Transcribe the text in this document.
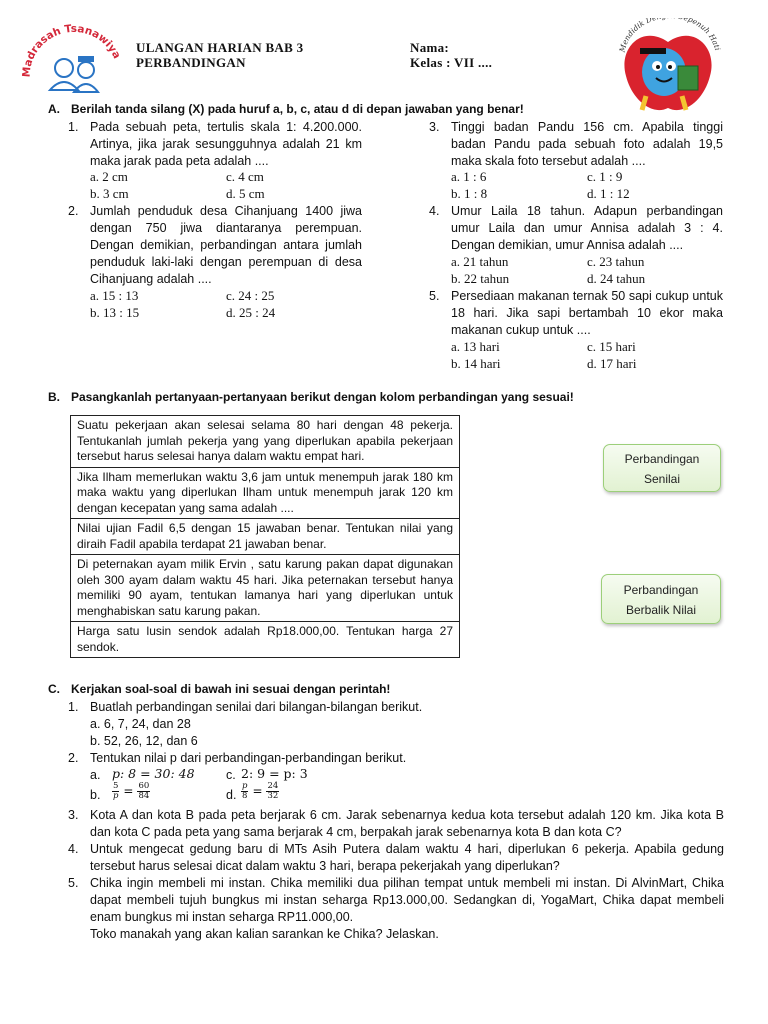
Madrasah Tsanawiya ULANGAN HARIAN BAB 3
PERBANDINGAN
Nama:
Kelas : VII ....
Mendidik D penuh Hati
A. Berilah tanda silang (X) pada huruf a, b, c, atau d di depan jawaban yang benar!
1. Pada sebuah peta, tertulis skala 1: 4.200.000. Artinya, jika jarak sesungguhnya adalah 21 km maka jarak pada peta adalah ....
a. 2 cm	c. 4 cm
b. 3 cm	d. 5 cm
2. Jumlah penduduk desa Cihanjuang 1400 jiwa dengan 750 jiwa diantaranya perempuan. Dengan demikian, perbandingan antara jumlah penduduk laki-laki dengan perempuan di desa Cihanjuang adalah ....
a. 15 : 13	c. 24 : 25
b. 13 : 15	d. 25 : 24
3. Tinggi badan Pandu 156 cm. Apabila tinggi badan Pandu pada sebuah foto adalah 19,5 maka skala foto tersebut adalah ....
a. 1 : 6	c. 1 : 9
b. 1 : 8	d. 1 : 12
4. Umur Laila 18 tahun. Adapun perbandingan umur Laila dan umur Annisa adalah 3 : 4. Dengan demikian, umur Annisa adalah ....
a. 21 tahun	c. 23 tahun
b. 22 tahun	d. 24 tahun
5. Persediaan makanan ternak 50 sapi cukup untuk 18 hari. Jika sapi bertambah 10 ekor maka makanan cukup untuk ....
a. 13 hari	c. 15 hari
b. 14 hari	d. 17 hari
B. Pasangkanlah pertanyaan-pertanyaan berikut dengan kolom perbandingan yang sesuai!
Suatu pekerjaan akan selesai selama 80 hari dengan 48 pekerja. Tentukanlah jumlah pekerja yang yang diperlukan apabila pekerjaan tersebut harus selesai hanya dalam waktu empat hari.
Jika Ilham memerlukan waktu 3,6 jam untuk menempuh jarak 180 km maka waktu yang diperlukan Ilham untuk menempuh jarak 120 km dengan kecepatan yang sama adalah ....
Nilai ujian Fadil 6,5 dengan 15 jawaban benar. Tentukan nilai yang diraih Fadil apabila terdapat 21 jawaban benar.
Di peternakan ayam milik Ervin , satu karung pakan dapat digunakan oleh 300 ayam dalam waktu 45 hari. Jika peternakan tersebut hanya memiliki 90 ayam, tentukan lamanya hari yang diperlukan untuk menghabiskan satu karung pakan.
Harga satu lusin sendok adalah Rp18.000,00. Tentukan harga 27 sendok.
Perbandingan
Senilai
Perbandingan
Berbalik Nilai
C. Kerjakan soal-soal di bawah ini sesuai dengan perintah!
1. Buatlah perbandingan senilai dari bilangan-bilangan berikut.
a. 6, 7, 24, dan 28
b. 52, 26, 12, dan 6
2. Tentukan nilai p dari perbandingan-perbandingan berikut.
a. p: 8 = 30: 48	c. 2: 9 = p: 3
b. $\frac{5}{p} = \frac{60}{84}$	d. $\frac{p}{8} = \frac{24}{32}$
3. Kota A dan kota B pada peta berjarak 6 cm. Jarak sebenarnya kedua kota tersebut adalah 120 km. Jika kota B dan kota C pada peta yang sama berjarak 4 cm, berpakah jarak sebenarnya kota B dan kota C?
4. Untuk mengecat gedung baru di MTs Asih Putera dalam waktu 4 hari, diperlukan 6 pekerja. Apabila gedung tersebut harus selesai dicat dalam waktu 3 hari, berapa pekerjakah yang diperlukan?
5. Chika ingin membeli mi instan. Chika memiliki dua pilihan tempat untuk membeli mi instan. Di AlvinMart, Chika dapat membeli tujuh bungkus mi instan seharga Rp13.000,00. Sedangkan di, YogaMart, Chika dapat membeli enam bungkus mi instan seharga RP11.000,00.
Toko manakah yang akan kalian sarankan ke Chika? Jelaskan.
